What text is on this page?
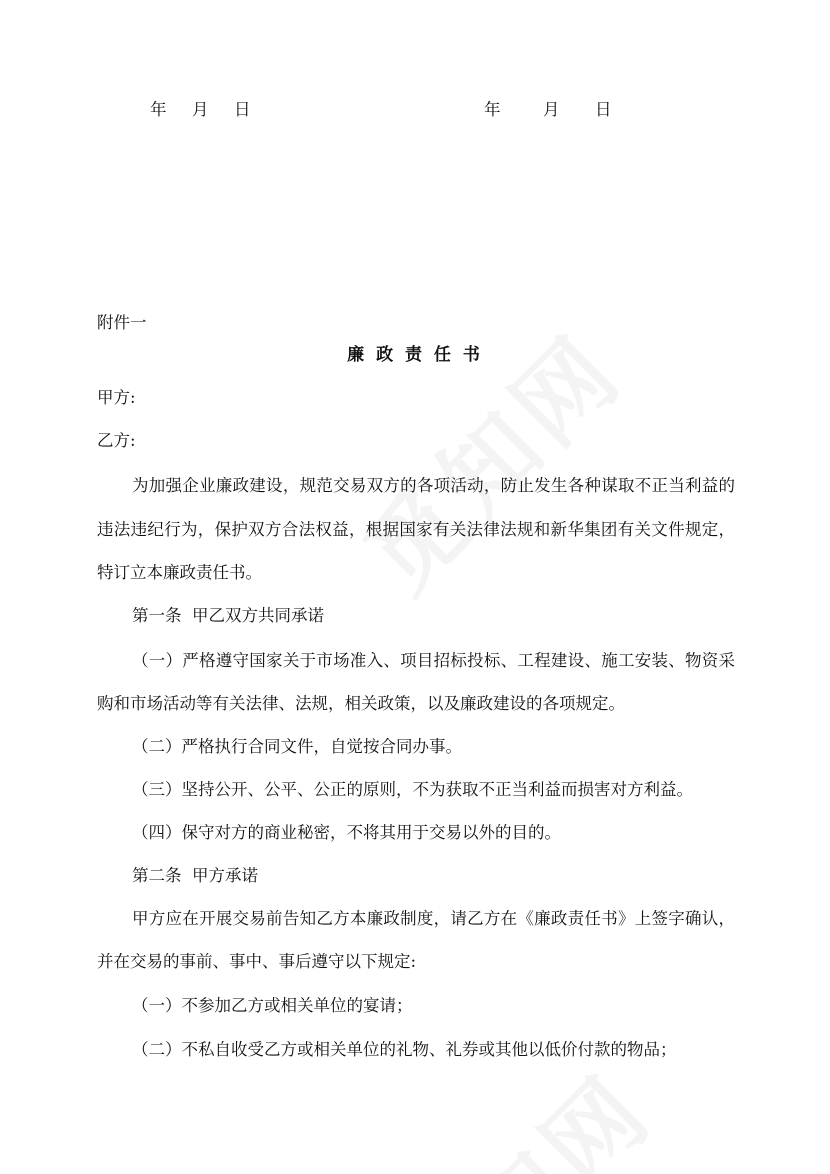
年 月 日	年	月 日
附件一
廉 政 责 任 书
甲方:
乙方:
为加强企业廉政建设，规范交易双方的各项活动，防止发生各种谋取不正当利益的
违法违纪行为，保护双方合法权益，根据国家有关法律法规和新华集团有关文件规定，
特订立本廉政责任书。
第一条  甲乙双方共同承诺
（一）严格遵守国家关于市场准入、项目招标投标、工程建设、施工安装、物资采
购和市场活动等有关法律、法规，相关政策，以及廉政建设的各项规定。
（二）严格执行合同文件，自觉按合同办事。
（三）坚持公开、公平、公正的原则，不为获取不正当利益而损害对方利益。
（四）保守对方的商业秘密，不将其用于交易以外的目的。
第二条  甲方承诺
甲方应在开展交易前告知乙方本廉政制度，请乙方在《廉政责任书》上签字确认，
并在交易的事前、事中、事后遵守以下规定:
（一）不参加乙方或相关单位的宴请；
（二）不私自收受乙方或相关单位的礼物、礼券或其他以低价付款的物品；
